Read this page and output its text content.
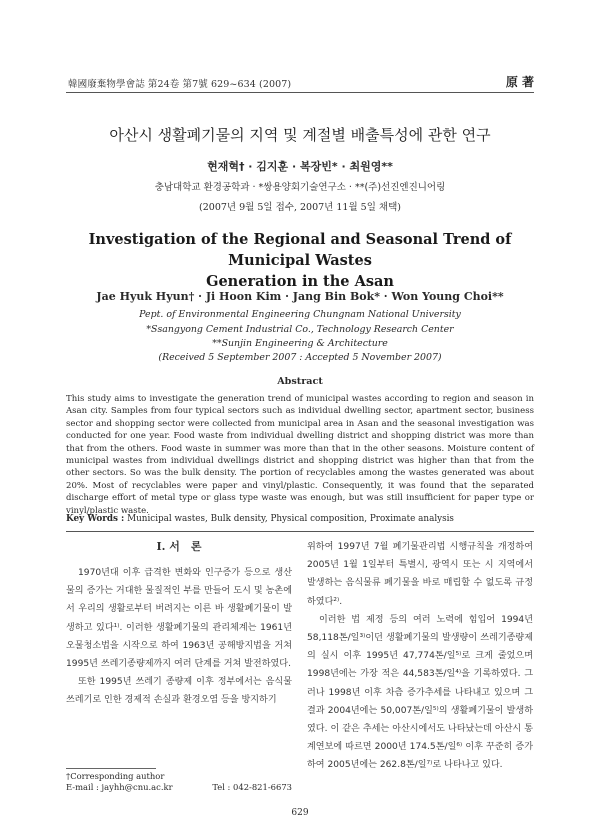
韓國廢棄物學會誌 第24卷 第7號 629~634 (2007)	原 著
아산시 생활폐기물의 지역 및 계절별 배출특성에 관한 연구
현재혁† · 김지훈 · 복장빈* · 최원영**
충남대학교 환경공학과 · *쌍용양회기술연구소 · **(주)선진엔진니어링
(2007년 9월 5일 접수, 2007년 11월 5일 채택)
Investigation of the Regional and Seasonal Trend of Municipal Wastes
Generation in the Asan
Jae Hyuk Hyun† · Ji Hoon Kim · Jang Bin Bok* · Won Young Choi**
Pept. of Environmental Engineering Chungnam National University
*Ssangyong Cement Industrial Co., Technology Research Center
**Sunjin Engineering & Architecture
(Received 5 September 2007 : Accepted 5 November 2007)
Abstract
This study aims to investigate the generation trend of municipal wastes according to region and season in Asan city. Samples from four typical sectors such as individual dwelling sector, apartment sector, business sector and shopping sector were collected from municipal area in Asan and the seasonal investigation was conducted for one year. Food waste from individual dwelling district and shopping district was more than that from the others. Food waste in summer was more than that in the other seasons. Moisture content of municipal wastes from individual dwellings district and shopping district was higher than that from the other sectors. So was the bulk density. The portion of recyclables among the wastes generated was about 20%. Most of recyclables were paper and vinyl/plastic. Consequently, it was found that the separated discharge effort of metal type or glass type waste was enough, but was still insufficient for paper type or vinyl/plastic waste.
Key Words : Municipal wastes, Bulk density, Physical composition, Proximate analysis
I. 서　론

1970년대 이후 급격한 변화와 인구증가 등으로 생산물의 증가는 거대한 물질적인 부를 만들어 도시 및 농촌에서 우리의 생활로부터 버려지는 이른 바 생활폐기물이 발생하고 있다¹⁾. 이러한 생활폐기물의 관리체계는 1961년 오물청소법을 시작으로 하여 1963년 공해방지법을 거쳐 1995년 쓰레기종량제까지 여러 단계를 거쳐 발전하였다.

또한 1995년 쓰레기 종량제 이후 정부에서는 음식물쓰레기로 인한 경제적 손실과 환경오염 등을 방지하기

위하여 1997년 7월 폐기물관리법 시행규칙을 개정하여 2005년 1월 1일부터 특별시, 광역시 또는 시 지역에서 발생하는 음식물류 폐기물을 바로 매립할 수 없도록 규정하였다²⁾.

이러한 법 제정 등의 여러 노력에 힘입어 1994년 58,118톤/일³⁾이던 생활폐기물의 발생량이 쓰레기종량제의 실시 이후 1995년 47,774톤/일⁵⁾로 크게 줄었으며 1998년에는 가장 적은 44,583톤/일⁴⁾을 기록하였다. 그러나 1998년 이후 차츰 증가추세를 나타내고 있으며 그 결과 2004년에는 50,007톤/일⁵⁾의 생활폐기물이 발생하였다. 이 같은 추세는 아산시에서도 나타났는데 아산시 통계연보에 따르면 2000년 174.5톤/일⁶⁾ 이후 꾸준히 증가하여 2005년에는 262.8톤/일⁷⁾로 나타나고 있다.

†Corresponding author
E-mail : jayhh@cnu.ac.kr	Tel : 042-821-6673
629
